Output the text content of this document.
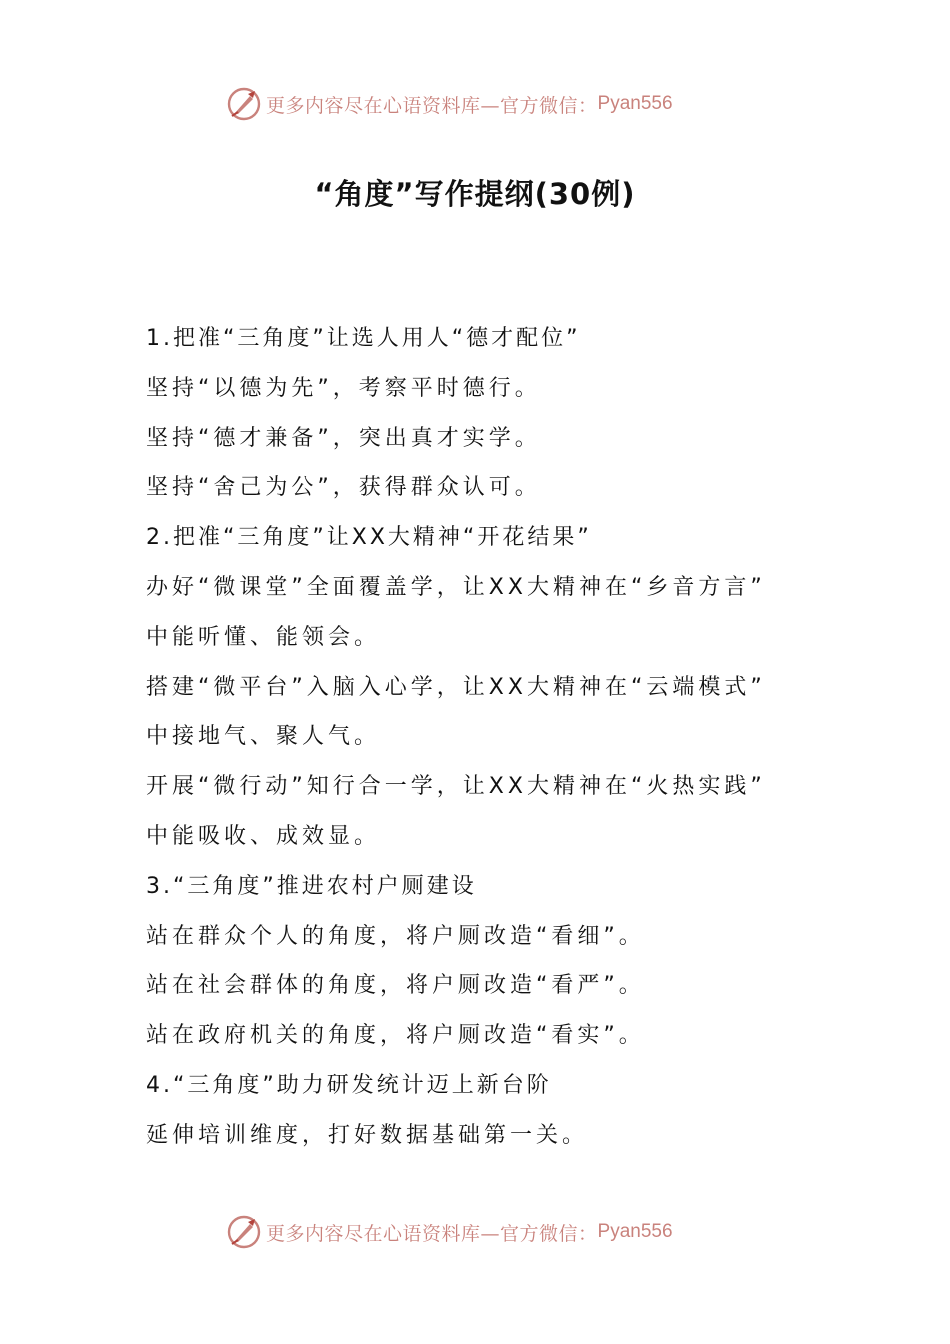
更多内容尽在心语资料库—官方微信： Pyan556
“角度”写作提纲(30例)
1.把准“三角度”让选人用人“德才配位”
坚持“以德为先”，考察平时德行。
坚持“德才兼备”，突出真才实学。
坚持“舍己为公”，获得群众认可。
2.把准“三角度”让XX大精神“开花结果”
办好“微课堂”全面覆盖学，让XX大精神在“乡音方言”
中能听懂、能领会。
搭建“微平台”入脑入心学，让XX大精神在“云端模式”
中接地气、聚人气。
开展“微行动”知行合一学，让XX大精神在“火热实践”
中能吸收、成效显。
3.“三角度”推进农村户厕建设
站在群众个人的角度，将户厕改造“看细”。
站在社会群体的角度，将户厕改造“看严”。
站在政府机关的角度，将户厕改造“看实”。
4.“三角度”助力研发统计迈上新台阶
延伸培训维度，打好数据基础第一关。
更多内容尽在心语资料库—官方微信： Pyan556
